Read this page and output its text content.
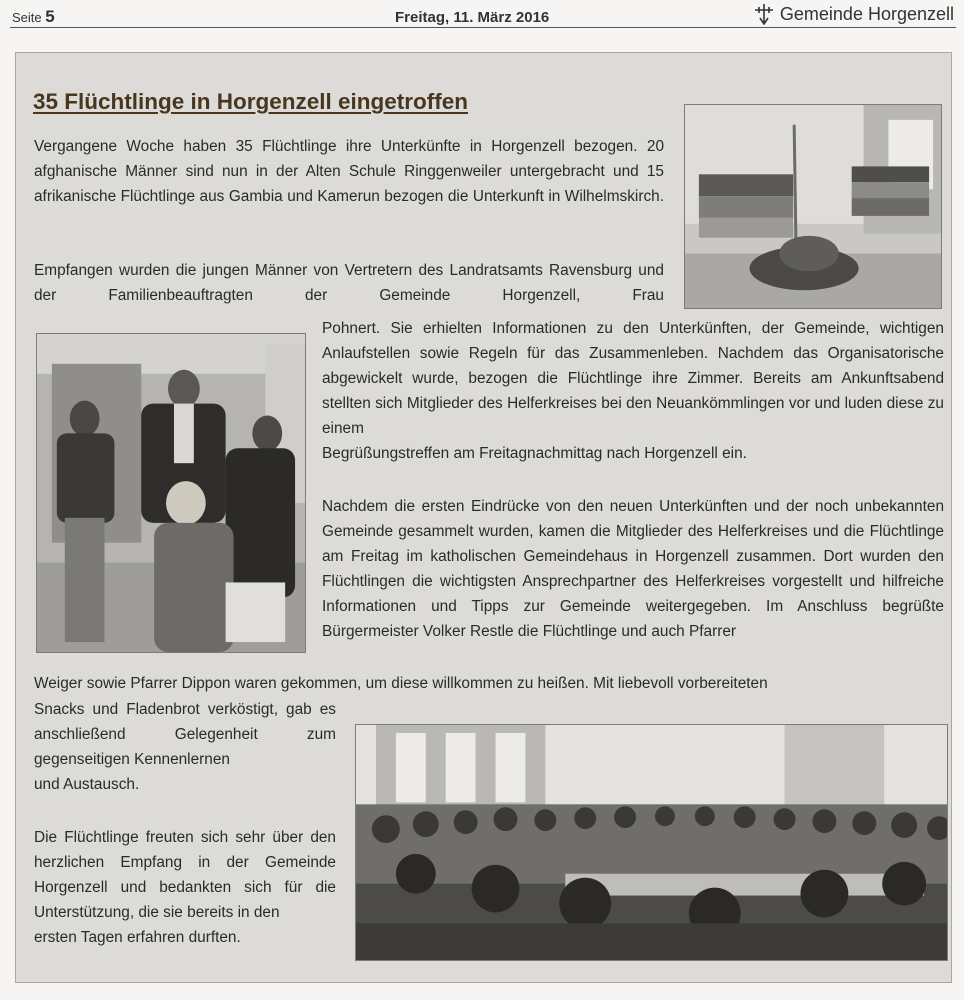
Seite 5	Freitag, 11. März 2016	Gemeinde Horgenzell
35 Flüchtlinge in Horgenzell eingetroffen

Vergangene Woche haben 35 Flüchtlinge ihre Unterkünfte in Horgenzell bezogen. 20 afghanische Männer sind nun in der Alten Schule Ringgenweiler untergebracht und 15 afrikanische Flüchtlinge aus Gambia und Kamerun bezogen die Unterkunft in Wilhelmskirch.

Empfangen wurden die jungen Männer von Vertretern des Landratsamts Ravensburg und der Familienbeauftragten der Gemeinde Horgenzell, Frau

Pohnert. Sie erhielten Informationen zu den Unterkünften, der Gemeinde, wichtigen Anlaufstellen sowie Regeln für das Zusammenleben. Nachdem das Organisatorische abgewickelt wurde, bezogen die Flüchtlinge ihre Zimmer. Bereits am Ankunftsabend stellten sich Mitglieder des Helferkreises bei den Neuankömmlingen vor und luden diese zu einem
Begrüßungstreffen am Freitagnachmittag nach Horgenzell ein.

Nachdem die ersten Eindrücke von den neuen Unterkünften und der noch unbekannten Gemeinde gesammelt wurden, kamen die Mitglieder des Helferkreises und die Flüchtlinge am Freitag im katholischen Gemeindehaus in Horgenzell zusammen. Dort wurden den Flüchtlingen die wichtigsten Ansprechpartner des Helferkreises vorgestellt und hilfreiche Informationen und Tipps zur Gemeinde weitergegeben. Im Anschluss begrüßte Bürgermeister Volker Restle die Flüchtlinge und auch Pfarrer

Weiger sowie Pfarrer Dippon waren gekommen, um diese willkommen zu heißen. Mit liebevoll vorbereiteten

Snacks und Fladenbrot verköstigt, gab es anschließend Gelegenheit zum gegenseitigen Kennenlernen
und Austausch.

Die Flüchtlinge freuten sich sehr über den herzlichen Empfang in der Gemeinde Horgenzell und bedankten sich für die Unterstützung, die sie bereits in den
ersten Tagen erfahren durften.
